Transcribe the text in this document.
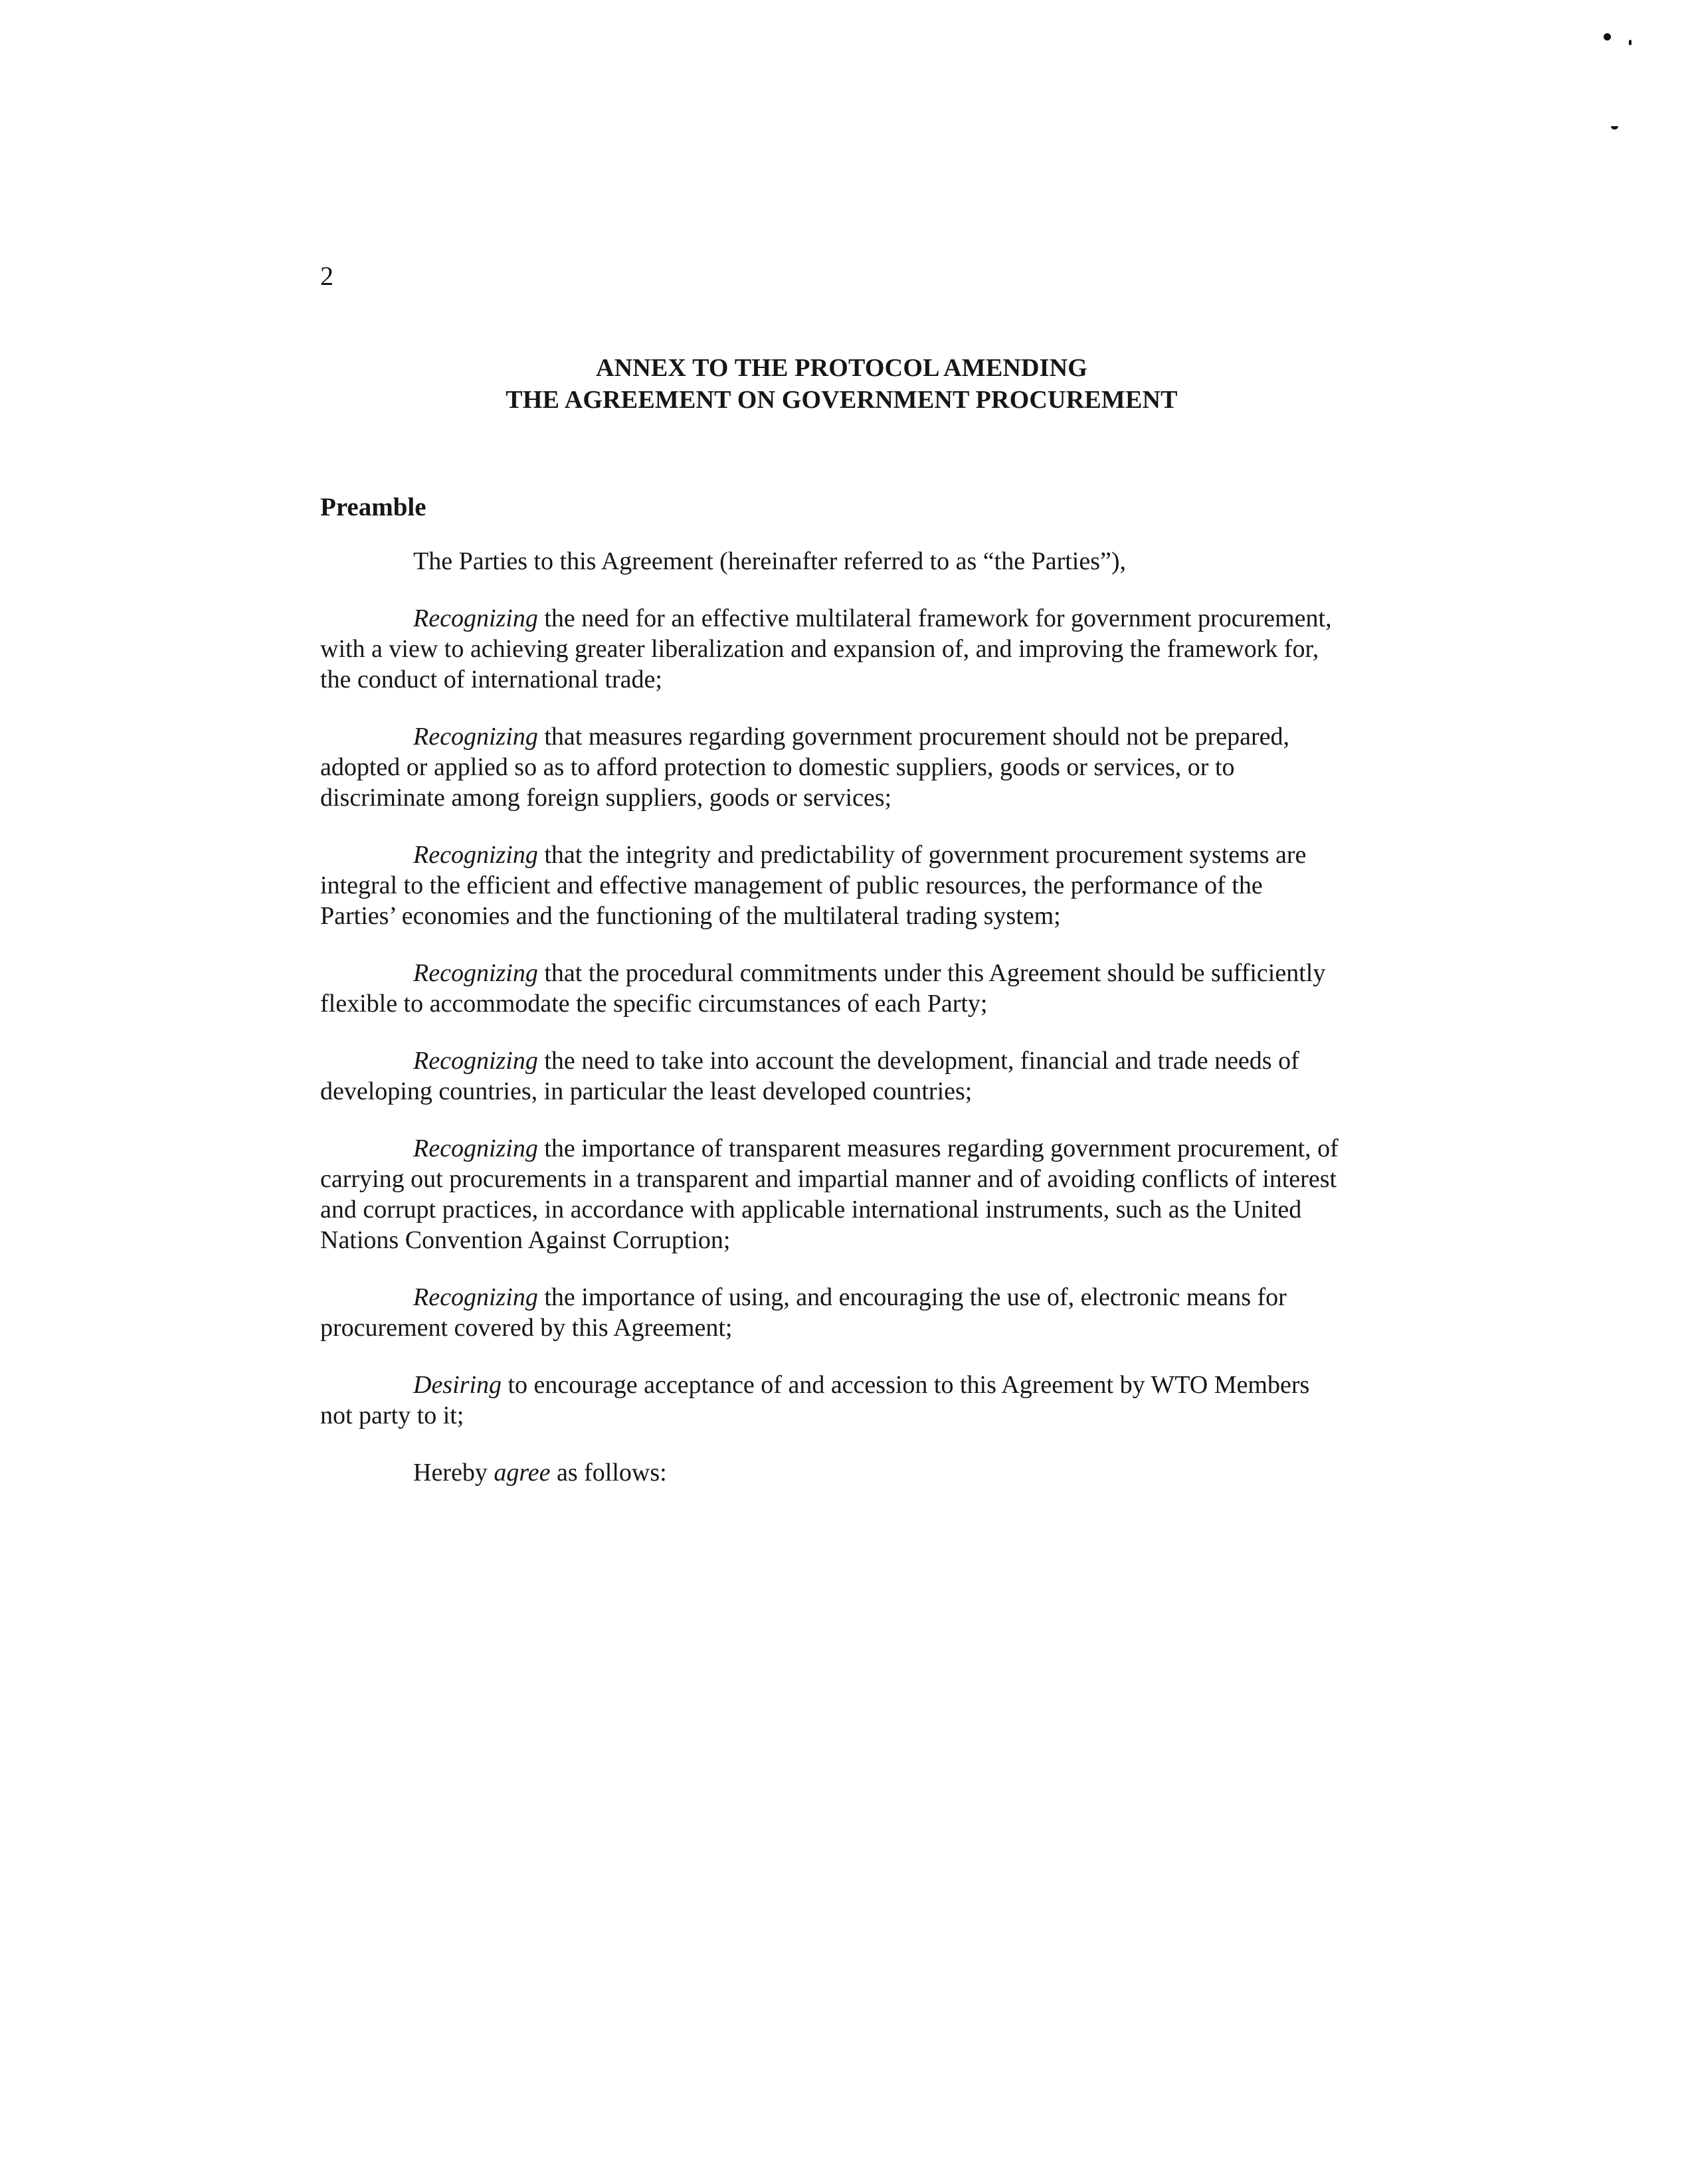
2
ANNEX TO THE PROTOCOL AMENDING
THE AGREEMENT ON GOVERNMENT PROCUREMENT
Preamble

The Parties to this Agreement (hereinafter referred to as “the Parties”),

Recognizing the need for an effective multilateral framework for government procurement, with a view to achieving greater liberalization and expansion of, and improving the framework for, the conduct of international trade;

Recognizing that measures regarding government procurement should not be prepared, adopted or applied so as to afford protection to domestic suppliers, goods or services, or to discriminate among foreign suppliers, goods or services;

Recognizing that the integrity and predictability of government procurement systems are integral to the efficient and effective management of public resources, the performance of the Parties’ economies and the functioning of the multilateral trading system;

Recognizing that the procedural commitments under this Agreement should be sufficiently flexible to accommodate the specific circumstances of each Party;

Recognizing the need to take into account the development, financial and trade needs of developing countries, in particular the least developed countries;

Recognizing the importance of transparent measures regarding government procurement, of carrying out procurements in a transparent and impartial manner and of avoiding conflicts of interest and corrupt practices, in accordance with applicable international instruments, such as the United Nations Convention Against Corruption;

Recognizing the importance of using, and encouraging the use of, electronic means for procurement covered by this Agreement;

Desiring to encourage acceptance of and accession to this Agreement by WTO Members not party to it;

Hereby agree as follows:
